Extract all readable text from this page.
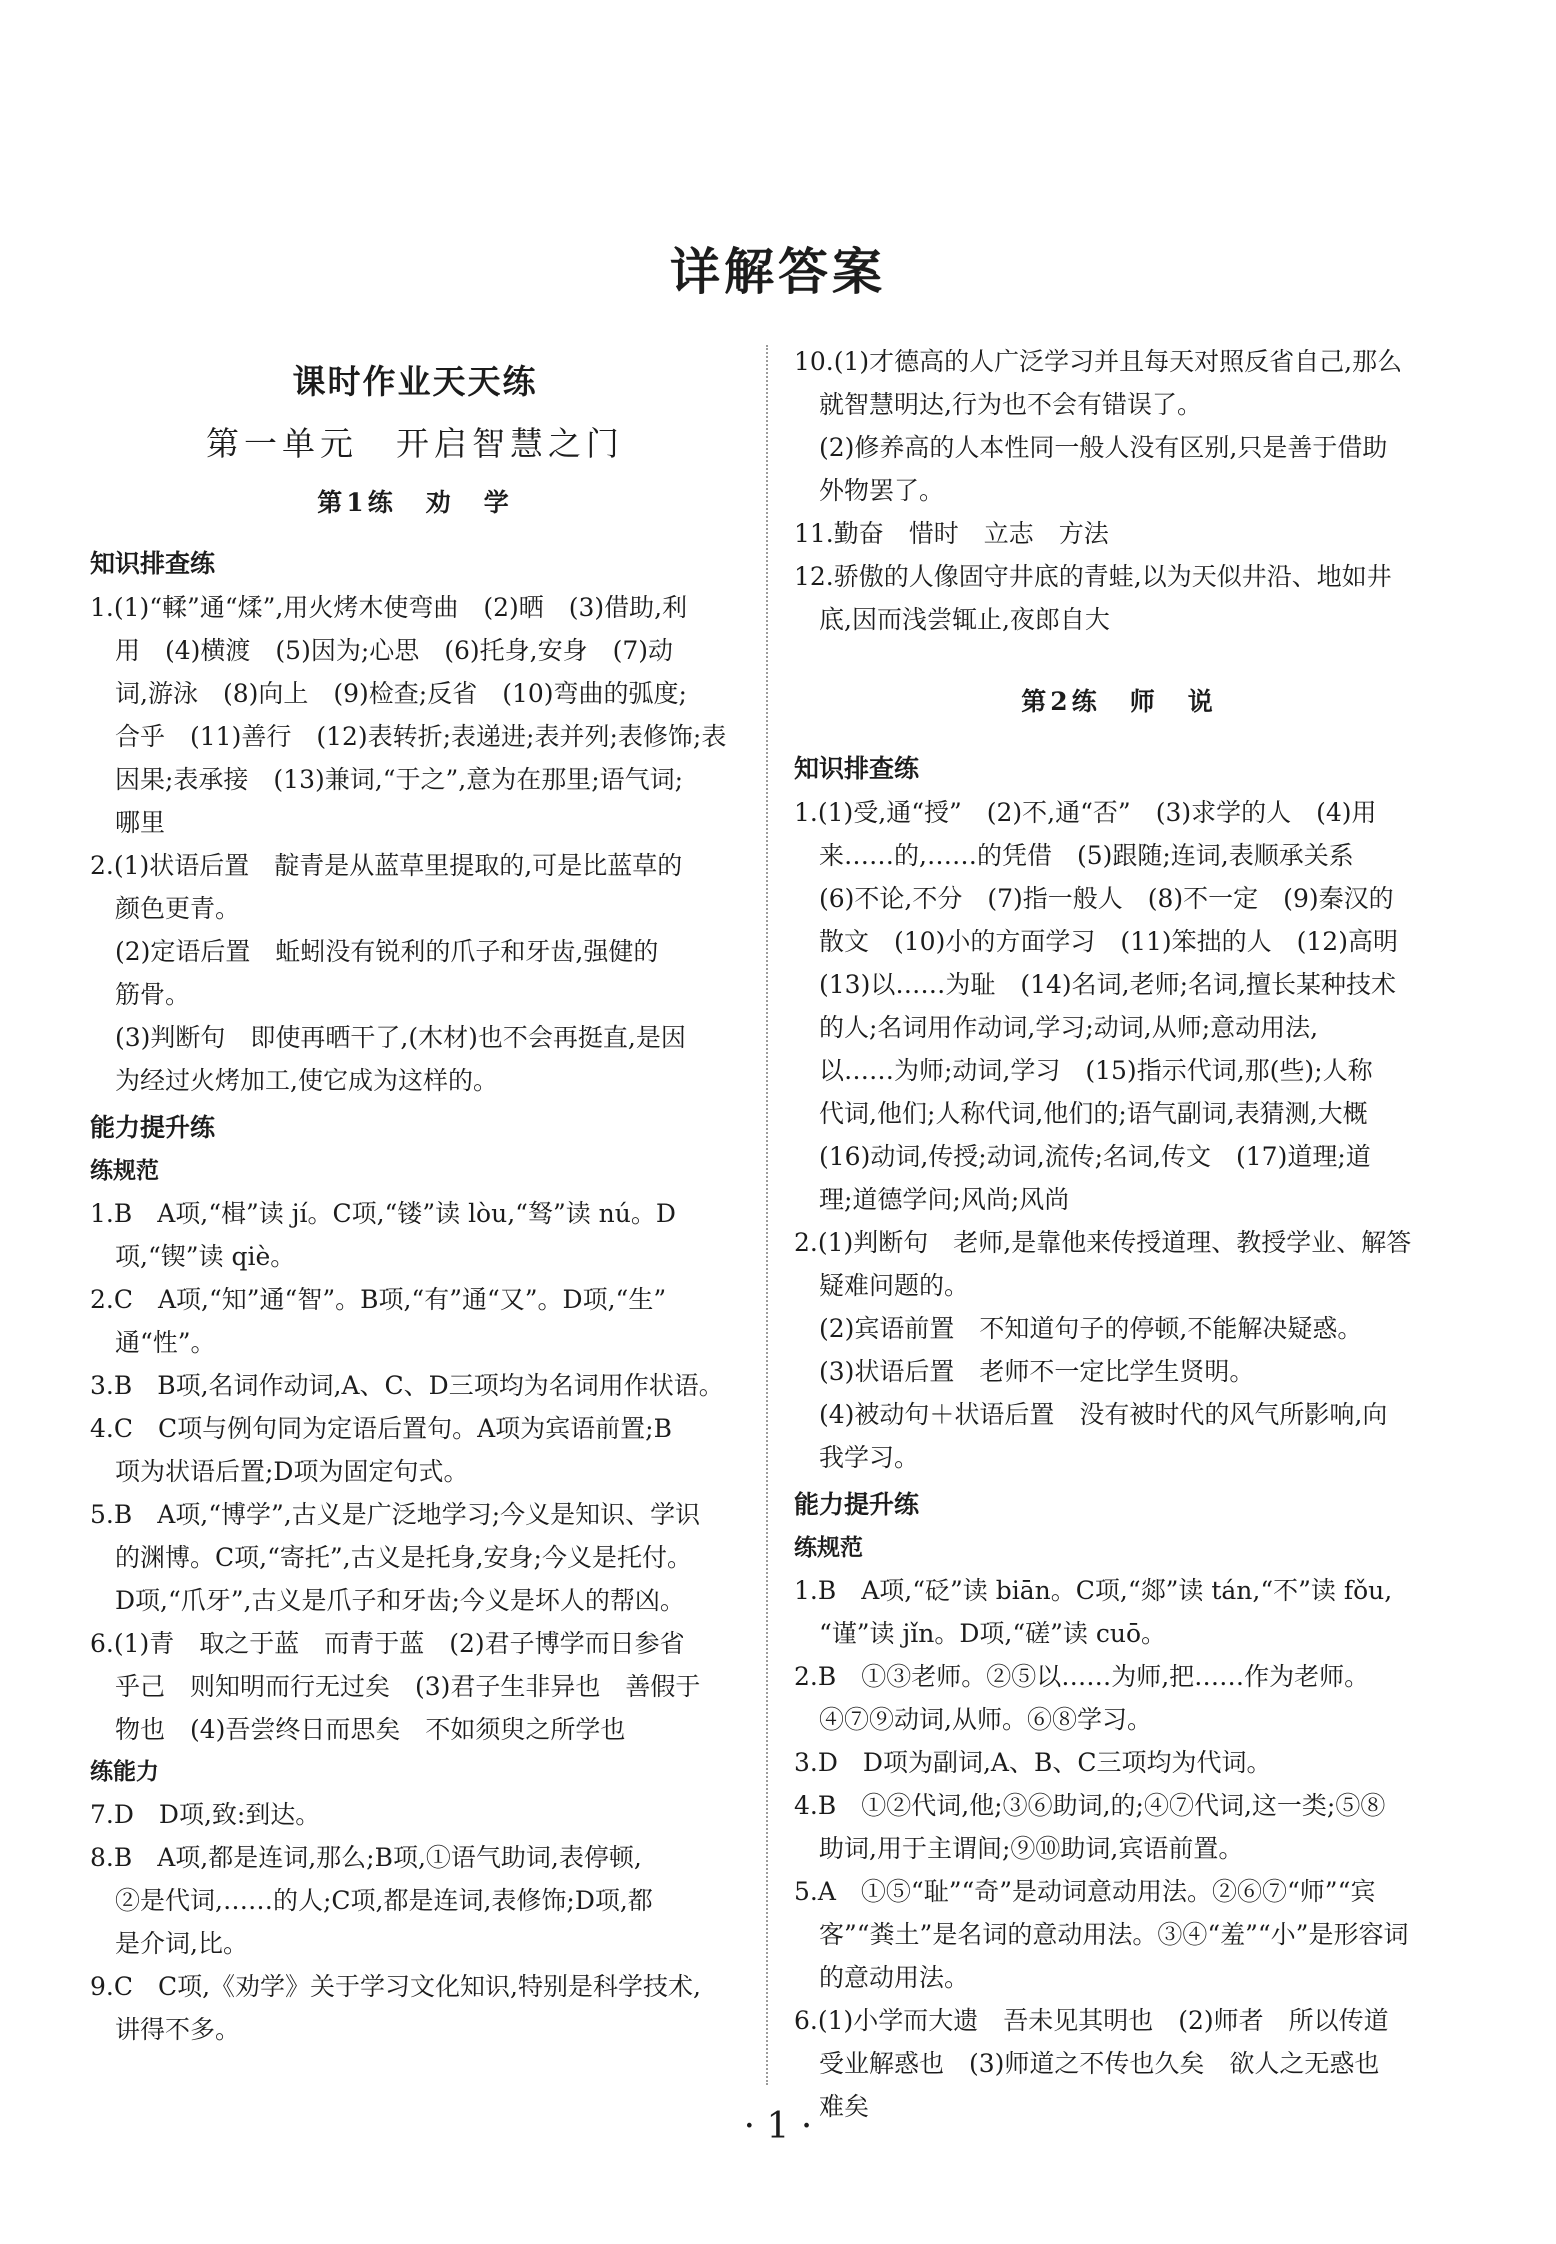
详解答案
课时作业天天练
第一单元　开启智慧之门
第1练　劝　学
知识排查练
1.(1)“輮”通“煣”,用火烤木使弯曲　(2)晒　(3)借助,利
　用　(4)横渡　(5)因为;心思　(6)托身,安身　(7)动
　词,游泳　(8)向上　(9)检查;反省　(10)弯曲的弧度;
　合乎　(11)善行　(12)表转折;表递进;表并列;表修饰;表
　因果;表承接　(13)兼词,“于之”,意为在那里;语气词;
　哪里
2.(1)状语后置　靛青是从蓝草里提取的,可是比蓝草的
　颜色更青。
　(2)定语后置　蚯蚓没有锐利的爪子和牙齿,强健的
　筋骨。
　(3)判断句　即使再晒干了,(木材)也不会再挺直,是因
　为经过火烤加工,使它成为这样的。
能力提升练
练规范
1.B　A项,“楫”读 jí。C项,“镂”读 lòu,“驽”读 nú。D
　项,“锲”读 qiè。
2.C　A项,“知”通“智”。B项,“有”通“又”。D项,“生”
　通“性”。
3.B　B项,名词作动词,A、C、D三项均为名词用作状语。
4.C　C项与例句同为定语后置句。A项为宾语前置;B
　项为状语后置;D项为固定句式。
5.B　A项,“博学”,古义是广泛地学习;今义是知识、学识
　的渊博。C项,“寄托”,古义是托身,安身;今义是托付。
　D项,“爪牙”,古义是爪子和牙齿;今义是坏人的帮凶。
6.(1)青　取之于蓝　而青于蓝　(2)君子博学而日参省
　乎己　则知明而行无过矣　(3)君子生非异也　善假于
　物也　(4)吾尝终日而思矣　不如须臾之所学也
练能力
7.D　D项,致:到达。
8.B　A项,都是连词,那么;B项,①语气助词,表停顿,
　②是代词,……的人;C项,都是连词,表修饰;D项,都
　是介词,比。
9.C　C项,《劝学》关于学习文化知识,特别是科学技术,
　讲得不多。
10.(1)才德高的人广泛学习并且每天对照反省自己,那么
　就智慧明达,行为也不会有错误了。
　(2)修养高的人本性同一般人没有区别,只是善于借助
　外物罢了。
11.勤奋　惜时　立志　方法
12.骄傲的人像固守井底的青蛙,以为天似井沿、地如井
　底,因而浅尝辄止,夜郎自大
第2练　师　说
知识排查练
1.(1)受,通“授”　(2)不,通“否”　(3)求学的人　(4)用
　来……的,……的凭借　(5)跟随;连词,表顺承关系
　(6)不论,不分　(7)指一般人　(8)不一定　(9)秦汉的
　散文　(10)小的方面学习　(11)笨拙的人　(12)高明
　(13)以……为耻　(14)名词,老师;名词,擅长某种技术
　的人;名词用作动词,学习;动词,从师;意动用法,
　以……为师;动词,学习　(15)指示代词,那(些);人称
　代词,他们;人称代词,他们的;语气副词,表猜测,大概
　(16)动词,传授;动词,流传;名词,传文　(17)道理;道
　理;道德学问;风尚;风尚
2.(1)判断句　老师,是靠他来传授道理、教授学业、解答
　疑难问题的。
　(2)宾语前置　不知道句子的停顿,不能解决疑惑。
　(3)状语后置　老师不一定比学生贤明。
　(4)被动句＋状语后置　没有被时代的风气所影响,向
　我学习。
能力提升练
练规范
1.B　A项,“砭”读 biān。C项,“郯”读 tán,“不”读 fǒu,
　“谨”读 jǐn。D项,“磋”读 cuō。
2.B　①③老师。②⑤以……为师,把……作为老师。
　④⑦⑨动词,从师。⑥⑧学习。
3.D　D项为副词,A、B、C三项均为代词。
4.B　①②代词,他;③⑥助词,的;④⑦代词,这一类;⑤⑧
　助词,用于主谓间;⑨⑩助词,宾语前置。
5.A　①⑤“耻”“奇”是动词意动用法。②⑥⑦“师”“宾
　客”“粪土”是名词的意动用法。③④“羞”“小”是形容词
　的意动用法。
6.(1)小学而大遗　吾未见其明也　(2)师者　所以传道
　受业解惑也　(3)师道之不传也久矣　欲人之无惑也
　难矣
· 1 ·
